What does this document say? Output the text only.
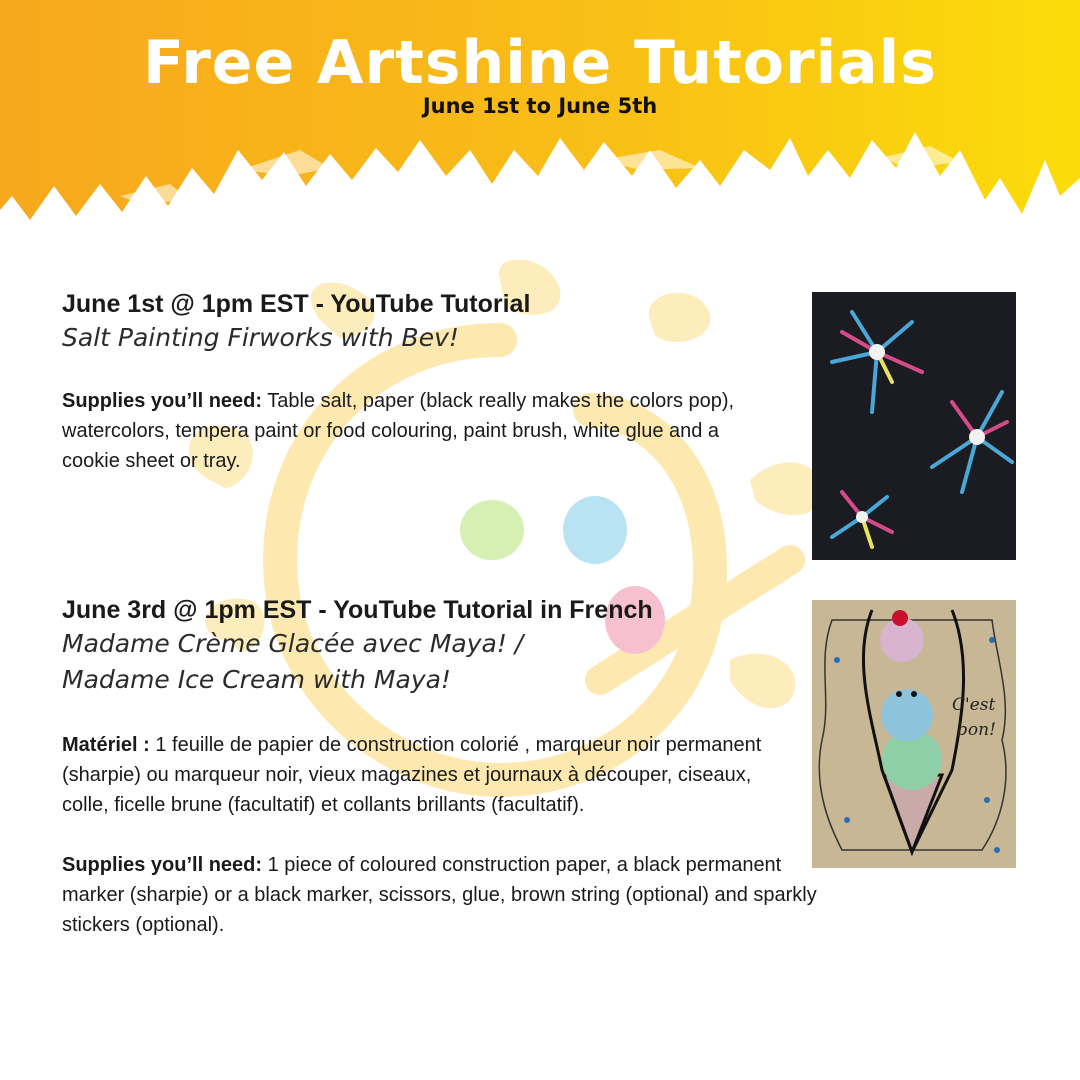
Free Artshine Tutorials
June 1st to June 5th
June 1st @ 1pm EST - YouTube Tutorial
Salt Painting Firworks with Bev!
Supplies you’ll need: Table salt, paper (black really makes the colors pop), watercolors, tempera paint or food colouring, paint brush, white glue and a cookie sheet or tray.
June 3rd @ 1pm EST - YouTube Tutorial in French
Madame Crème Glacée avec Maya! /
Madame Ice Cream with Maya!
Matériel : 1 feuille de papier de construction colorié , marqueur noir permanent (sharpie) ou marqueur noir, vieux magazines et journaux à découper, ciseaux, colle, ficelle brune (facultatif) et collants brillants (facultatif).
Supplies you’ll need: 1 piece of coloured construction paper, a black permanent marker (sharpie) or a black marker, scissors, glue, brown string (optional) and sparkly stickers (optional).
C'est
bon!
